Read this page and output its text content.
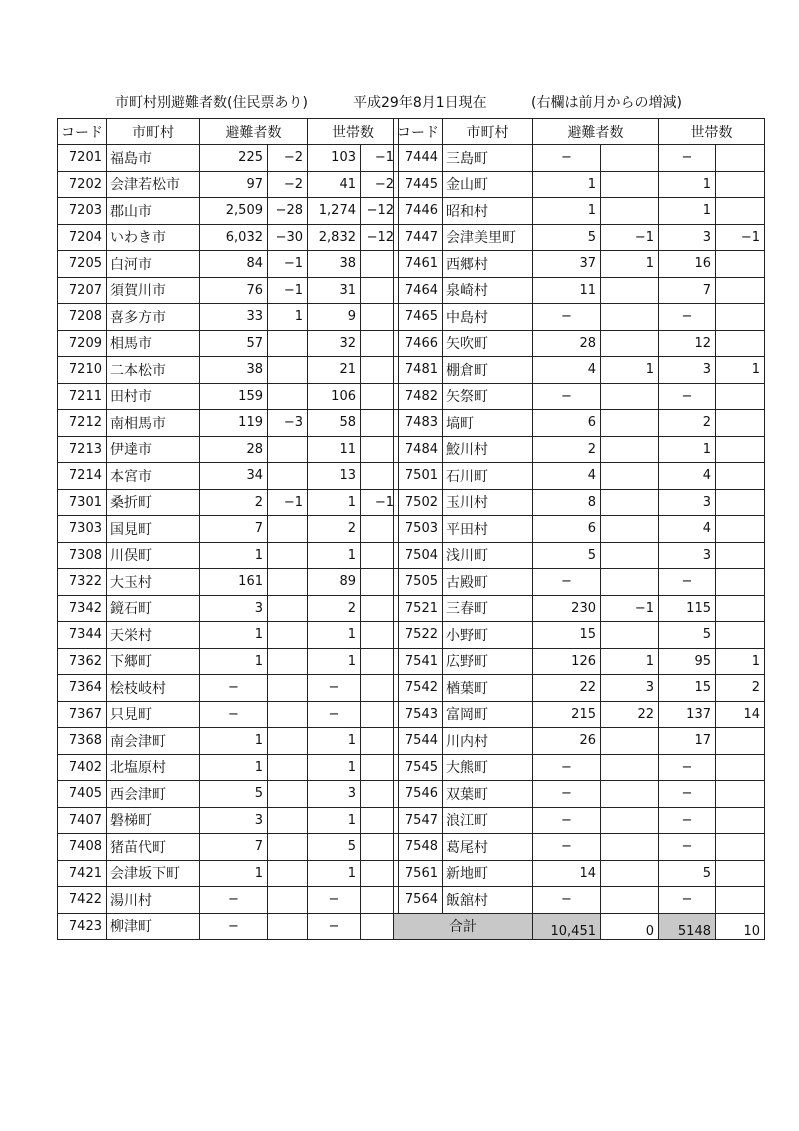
市町村別避難者数(住民票あり)	平成29年8月1日現在	(右欄は前月からの増減)
コード	市町村	避難者数		世帯数	
7201	福島市	225	−2	103	−1
7202	会津若松市	97	−2	41	−2
7203	郡山市	2,509	−28	1,274	−12
7204	いわき市	6,032	−30	2,832	−12
7205	白河市	84	−1	38	
7207	須賀川市	76	−1	31	
7208	喜多方市	33	1	9	
7209	相馬市	57		32	
7210	二本松市	38		21	
7211	田村市	159		106	
7212	南相馬市	119	−3	58	
7213	伊達市	28		11	
7214	本宮市	34		13	
7301	桑折町	2	−1	1	−1
7303	国見町	7		2	
7308	川俣町	1		1	
7322	大玉村	161		89	
7342	鏡石町	3		2	
7344	天栄村	1		1	
7362	下郷町	1		1	
7364	桧枝岐村	−		−	
7367	只見町	−		−	
7368	南会津町	1		1	
7402	北塩原村	1		1	
7405	西会津町	5		3	
7407	磐梯町	3		1	
7408	猪苗代町	7		5	
7421	会津坂下町	1		1	
7422	湯川村	−		−	
7423	柳津町	−		−	
コード	市町村	避難者数		世帯数	
7444	三島町	−		−	
7445	金山町	1		1	
7446	昭和村	1		1	
7447	会津美里町	5	−1	3	−1
7461	西郷村	37	1	16	
7464	泉崎村	11		7	
7465	中島村	−		−	
7466	矢吹町	28		12	
7481	棚倉町	4	1	3	1
7482	矢祭町	−		−	
7483	塙町	6		2	
7484	鮫川村	2		1	
7501	石川町	4		4	
7502	玉川村	8		3	
7503	平田村	6		4	
7504	浅川町	5		3	
7505	古殿町	−		−	
7521	三春町	230	−1	115	
7522	小野町	15		5	
7541	広野町	126	1	95	1
7542	楢葉町	22	3	15	2
7543	富岡町	215	22	137	14
7544	川内村	26		17	
7545	大熊町	−		−	
7546	双葉町	−		−	
7547	浪江町	−		−	
7548	葛尾村	−		−	
7561	新地町	14		5	
7564	飯舘村	−		−	
合計		10,451	0	5148	10
